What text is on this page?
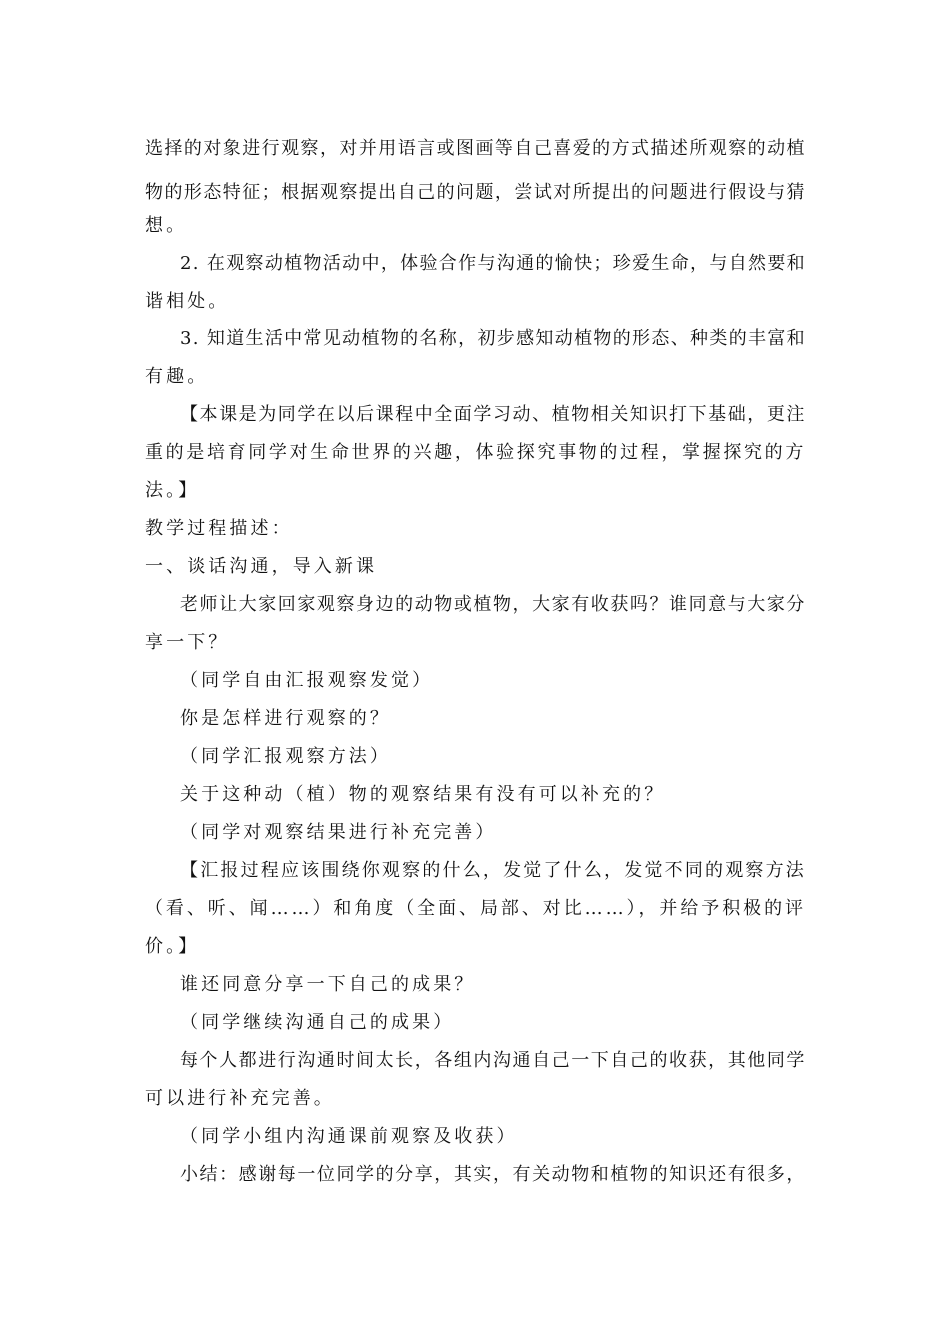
选择的对象进行观察，对并用语言或图画等自己喜爱的方式描述所观察的动植
物的形态特征；根据观察提出自己的问题，尝试对所提出的问题进行假设与猜
想。
2. 在观察动植物活动中，体验合作与沟通的愉快；珍爱生命，与自然要和
谐相处。
3. 知道生活中常见动植物的名称，初步感知动植物的形态、种类的丰富和
有趣。
【本课是为同学在以后课程中全面学习动、植物相关知识打下基础，更注
重的是培育同学对生命世界的兴趣，体验探究事物的过程，掌握探究的方
法。】
教学过程描述：
一、谈话沟通，导入新课
老师让大家回家观察身边的动物或植物，大家有收获吗？谁同意与大家分
享一下？
（同学自由汇报观察发觉）
你是怎样进行观察的？
（同学汇报观察方法）
关于这种动（植）物的观察结果有没有可以补充的？
（同学对观察结果进行补充完善）
【汇报过程应该围绕你观察的什么，发觉了什么，发觉不同的观察方法
（看、听、闻……）和角度（全面、局部、对比……），并给予积极的评
价。】
谁还同意分享一下自己的成果？
（同学继续沟通自己的成果）
每个人都进行沟通时间太长，各组内沟通自己一下自己的收获，其他同学
可以进行补充完善。
（同学小组内沟通课前观察及收获）
小结：感谢每一位同学的分享，其实，有关动物和植物的知识还有很多，
